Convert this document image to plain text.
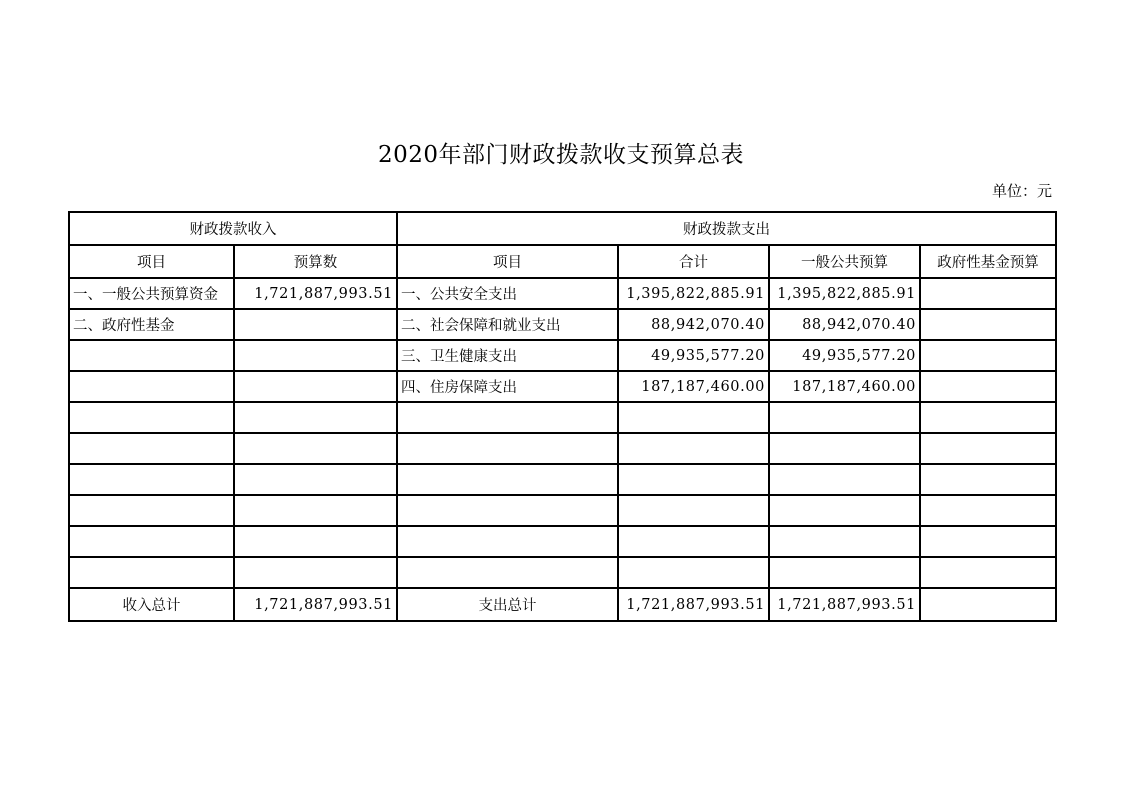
2020年部门财政拨款收支预算总表
单位：元
财政拨款收入		财政拨款支出			
项目	预算数	项目	合计	一般公共预算	政府性基金预算
一、一般公共预算资金	1,721,887,993.51	一、公共安全支出	1,395,822,885.91	1,395,822,885.91	
二、政府性基金		二、社会保障和就业支出	88,942,070.40	88,942,070.40	
		三、卫生健康支出	49,935,577.20	49,935,577.20	
		四、住房保障支出	187,187,460.00	187,187,460.00	

收入总计	1,721,887,993.51	支出总计	1,721,887,993.51	1,721,887,993.51	
